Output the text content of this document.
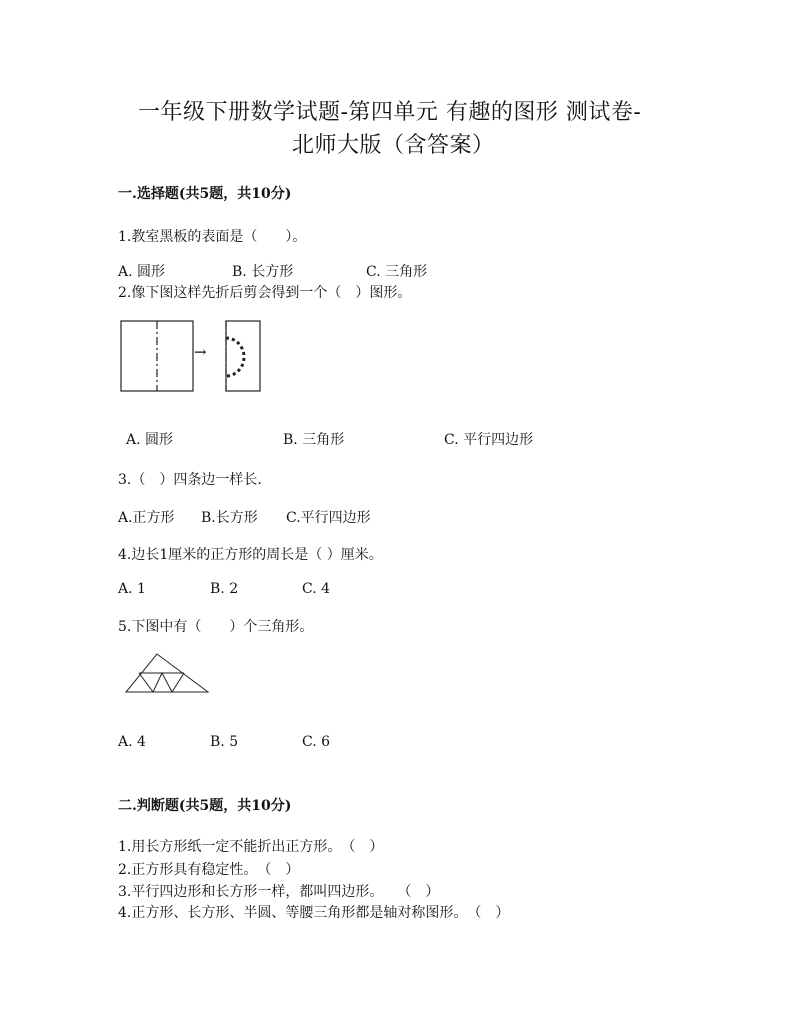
一年级下册数学试题-第四单元 有趣的图形 测试卷-
北师大版（含答案）
一.选择题(共5题，共10分)
1.教室黑板的表面是（　　）。
A. 圆形	B. 长方形	C. 三角形
2.像下图这样先折后剪会得到一个（　）图形。
→
A. 圆形	B. 三角形	C. 平行四边形
3.（　）四条边一样长.
A.正方形 B.长方形 C.平行四边形
4.边长1厘米的正方形的周长是（ ）厘米。
A. 1	B. 2	C. 4
5.下图中有（　　）个三角形。
A. 4	B. 5	C. 6
二.判断题(共5题，共10分)
1.用长方形纸一定不能折出正方形。　（　）
2.正方形具有稳定性。　（　）
3.平行四边形和长方形一样，都叫四边形。　　（　）
4.正方形、长方形、半圆、等腰三角形都是轴对称图形。　（　）
